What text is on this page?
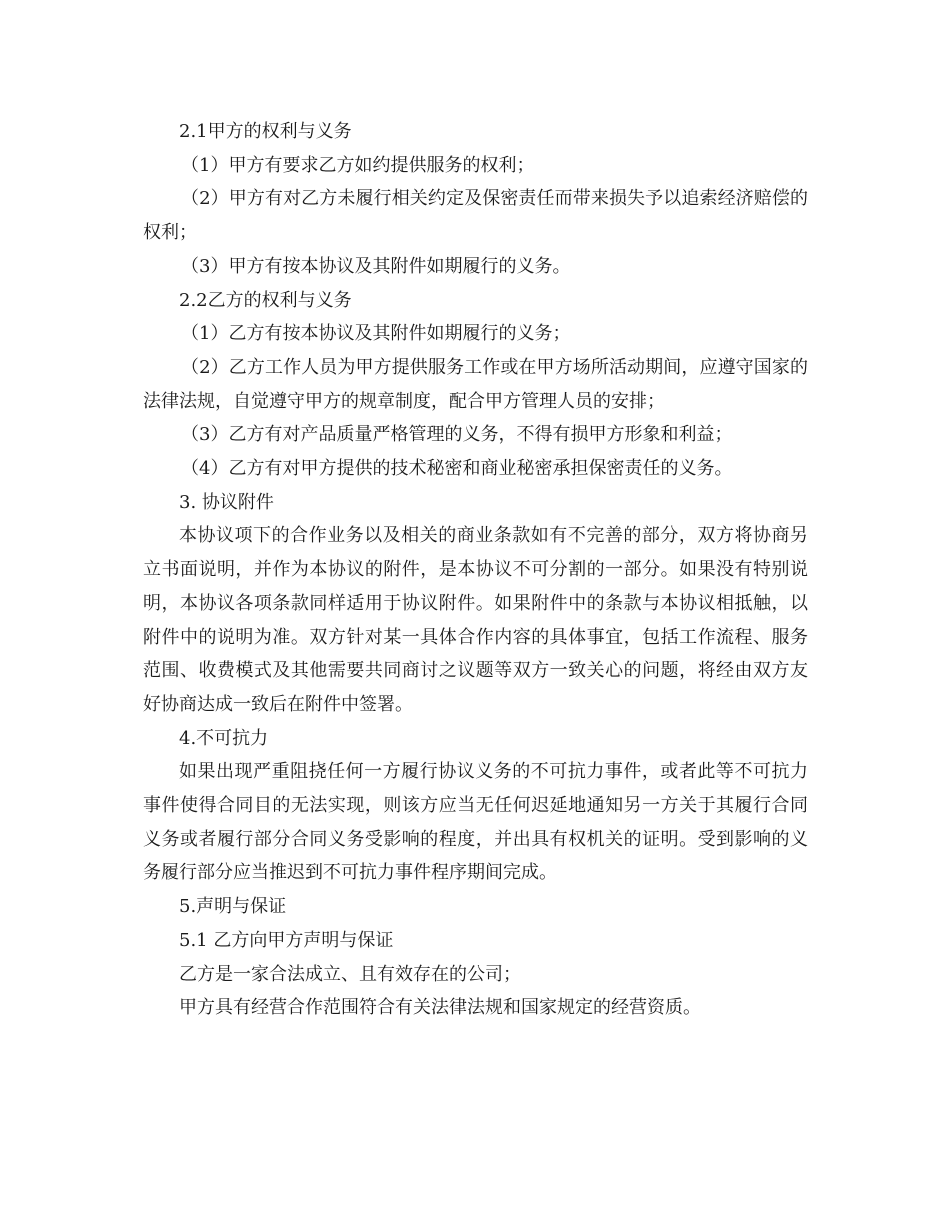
2.1甲方的权利与义务

（1）甲方有要求乙方如约提供服务的权利；

（2）甲方有对乙方未履行相关约定及保密责任而带来损失予以追索经济赔偿的权利；

（3）甲方有按本协议及其附件如期履行的义务。

2.2乙方的权利与义务

（1）乙方有按本协议及其附件如期履行的义务；

（2）乙方工作人员为甲方提供服务工作或在甲方场所活动期间，应遵守国家的法律法规，自觉遵守甲方的规章制度，配合甲方管理人员的安排；

（3）乙方有对产品质量严格管理的义务，不得有损甲方形象和利益；

（4）乙方有对甲方提供的技术秘密和商业秘密承担保密责任的义务。

3. 协议附件

本协议项下的合作业务以及相关的商业条款如有不完善的部分，双方将协商另立书面说明，并作为本协议的附件，是本协议不可分割的一部分。如果没有特别说明，本协议各项条款同样适用于协议附件。如果附件中的条款与本协议相抵触，以附件中的说明为准。双方针对某一具体合作内容的具体事宜，包括工作流程、服务范围、收费模式及其他需要共同商讨之议题等双方一致关心的问题，将经由双方友好协商达成一致后在附件中签署。

4.不可抗力

如果出现严重阻挠任何一方履行协议义务的不可抗力事件，或者此等不可抗力事件使得合同目的无法实现，则该方应当无任何迟延地通知另一方关于其履行合同义务或者履行部分合同义务受影响的程度，并出具有权机关的证明。受到影响的义务履行部分应当推迟到不可抗力事件程序期间完成。

5.声明与保证

5.1 乙方向甲方声明与保证

乙方是一家合法成立、且有效存在的公司；

甲方具有经营合作范围符合有关法律法规和国家规定的经营资质。
